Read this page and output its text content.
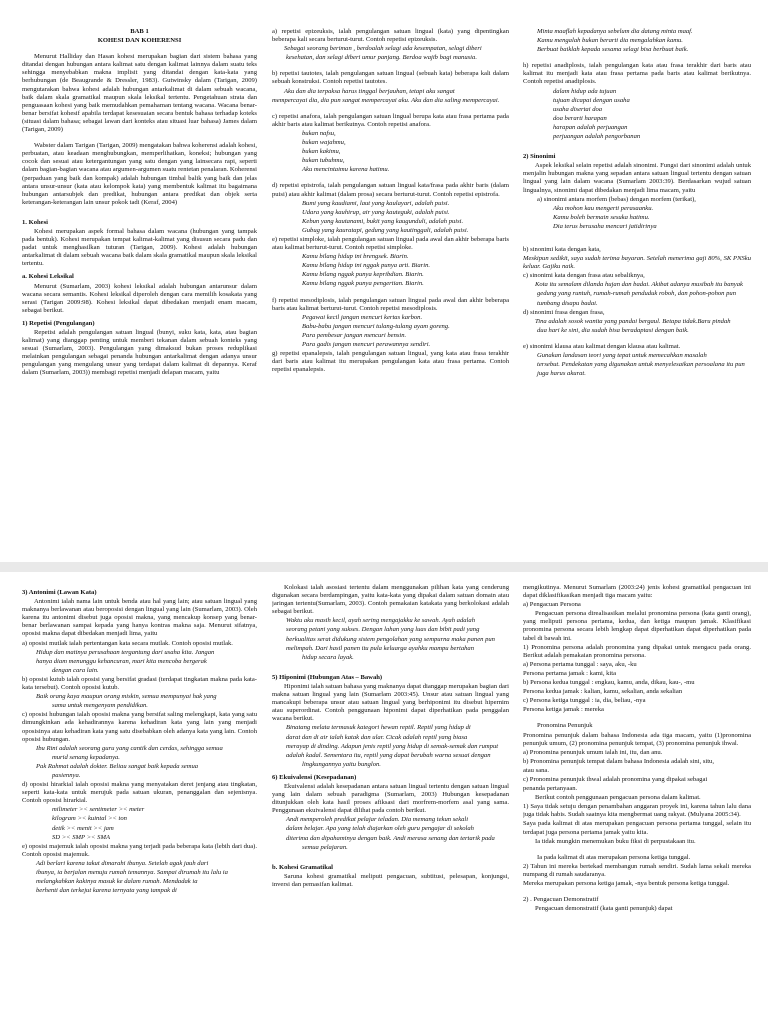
BAB 1

KOHESI DAN KOHERENSI

Menurut Halliday dan Hasan kohesi merupakan bagian dari sistem bahasa yang ditandai dengan hubungan antara kalimat satu dengan kalimat lainnya dalam suatu teks sehingga menyebabkan makna implisit yang ditandai dengan kata-kata yang berhubungan (de Beaugrande & Dressler, 1983). Gutwinsky dalam (Tarigan, 2009) mengutarakan bahwa kohesi adalah hubungan antarkalimat di dalam sebuah wacana, baik dalam skala gramatikal maupun skala leksikal tertentu. Pengetahuan strata dan penguasaan kohesi yang baik memudahkan pemahaman tentang wacana. Wacana benar-benar bersifat kohesif apabila terdapat kesesuaian secara bentuk bahasa terhadap koteks (situasi dalam bahasa; sebagai lawan dari konteks atau situasi luar bahasa) James dalam (Tarigan, 2009)

Wabster dalam Tarigan (Tarigan, 2009) mengatakan bahwa koherensi adalah kohesi, perbuatan, atau keadaan menghubungkan, memperlihatkan, koneksi; hubungan yang cocok dan sesuai atau ketergantungan yang satu dengan yang lainsecara rapi, seperti dalam bagian-bagian wacana atau argumen-argumen suatu rentetan penalaran. Koherensi (perpaduan yang baik dan kompak) adalah hubungan timbal balik yang baik dan jelas antara unsur-unsur (kata atau kelompok kata) yang membentuk kalimat itu bagaimana hubungan antarsubjek dan predikat, hubungan antara predikat dan objek serta keterangan-keterangan lain unsur pokok tadi (Keraf, 2004)

1. Kohesi

Kohesi merupakan aspek formal bahasa dalam wacana (hubungan yang tampak pada bentuk). Kohesi merupakan tempat kalimat-kalimat yang disusun secara padu dan padat untuk menghasilkan tuturan (Tarigan, 2009). Kohesi adalah hubungan antarkalimat di dalam sebuah wacana baik dalam skala gramatikal maupun skala leksikal tertentu.

a. Kohesi Leksikal

Menurut (Sumarlam, 2003) kohesi leksikal adalah hubungan antarunsur dalam wacana secara semantis. Kohesi leksikal diperoleh dengan cara memilih kosakata yang serasi (Tarigan 2009:98). Kohesi leksikal dapat dibedakan menjadi enam macam, sebagai berikut.

1) Repetisi (Pengulangan)

Repetisi adalah pengulangan satuan lingual (bunyi, suku kata, kata, atau bagian kalimat) yang dianggap penting untuk memberi tekanan dalam sebuah konteks yang sesuai (Sumarlam, 2003). Pengulangan yang dimaksud bukan proses reduplikasi melainkan pengulangan sebagai penanda hubungan antarkalimat dengan adanya unsur pengulangan yang mengulang unsur yang terdapat dalam kalimat di depannya. Keraf dalam (Sumarlam, 2003)) membagi repetisi menjadi delapan macam, yaitu

a) repetisi epizeuksis, ialah pengulangan satuan lingual (kata) yang dipentingkan beberapa kali secara berturut-turut. Contoh repetisi epizeuksis.

Sebagai seorang beriman , berdoalah selagi ada kesempatan, selagi diberi

kesehatan, dan selagi diberi umur panjang. Berdoa wajib bagi manusia.

b) repetisi tautotes, ialah pengulangan satuan lingual (sebuah kata) beberapa kali dalam sebuah konstruksi. Contoh repetisi tautotes.

Aku dan dia terpaksa harus tinggal berjauhan, tetapi aku sangat

mempercayai dia, dia pun sangat mempercayai aku. Aku dan dia saling mempercayai.

c) repetisi anafora, ialah pengulangan satuan lingual berupa kata atau frasa pertama pada akhir baris atau kalimat berikutnya. Contoh repetisi anafora.

bukan nafsu,

bukan wajahmu,

bukan kakimu,

bukan tubuhmu,

Aku mencintaimu karena hatimu.

d) repetisi epistrofa, ialah pengulangan satuan lingual kata/frasa pada akhir baris (dalam puisi) atau akhir kalimat (dalam prosa) secara berturut-turut. Contoh repetisi epistrofa.

Bumi yang kaudiami, laut yang kaulayari, adalah puisi.

Udara yang kauhirup, air yang kauteguki, adalah puisi.

Kebun yang kautanami, bukit yang kaugunduli, adalah puisi.

Gubug yang kauratapi, gedung yang kautinggali, adalah puisi.

e) repetisi simploke, ialah pengulangan satuan lingual pada awal dan akhir beberapa baris atau kalimat berturut-turut. Contoh repetisi simploke.

Kamu bilang hidup ini brengsek. Biarin.

Kamu bilang hidup ini nggak punya arti. Biarin.

Kamu bilang nggak punya kepribdian. Biarin.

Kamu bilang nggak punya pengertian. Biarin.

f) repetisi mesodiplosis, ialah pengulangan satuan lingual pada awal dan akhir beberapa baris atau kalimat berturut-turut. Contoh repetisi mesodiplosis.

Pegawai kecil jangan mencuri kertas karbon.

Babu-babu jangan mencuri tulang-tulang ayam goreng.

Para pembesar jangan mencuri bensin.

Para gadis jangan mencuri perawannya sendiri.

g) repetisi epanalepsis, ialah pengulangan satuan lingual, yang kata atau frasa terakhir dari baris atau kalimat itu merupakan pengulangan kata atau frasa pertama. Contoh repetisi epanalepsis.

Minta maaflah kepadanya sebelum dia datang minta maaf.

Kamu mengalah bukan berarti dia mengalahkan kamu.

Berbuat baiklah kepada sesama selagi bisa berbuat baik.

h) repetisi anadiplosis, ialah pengulangan kata atau frasa terakhir dari baris atau kalimat itu menjadi kata atau frasa pertama pada baris atau kalimat berikutnya. Contoh repetisi anadiplosis.

dalam hidup ada tujuan

tujuan dicapai dengan usaha

usaha disertai doa

doa berarti harapan

harapan adalah perjuangan

perjuangan adalah pengorbanan

2) Sinonimi

Aspek leksikal selain repetisi adalah sinonimi. Fungsi dari sinonimi adalah untuk menjalin hubungan makna yang sepadan antara satuan lingual tertentu dengan satuan lingual yang lain dalam wacana (Sumarlam 2003:39). Berdasarkan wujud satuan lingualnya, sinonimi dapat dibedakan menjadi lima macam, yaitu

a) sinonimi antara morfem (bebas) dengan morfem (terikat),

Aku mohon kau mengerti perasaanku.

Kamu boleh bermain sesuka hatimu.

Dia terus berusaha mencari jatidirinya

b) sinonimi kata dengan kata,

Meskipun sedikit, saya sudah terima bayaran. Setelah menerima gaji 80%, SK PNSku keluar. Gajiku naik.

c) sinonimi kata dengan frasa atau sebaliknya,

Kota itu semalam dilanda hujan dan badai. Akibat adanya musibah itu banyak

gedung yang runtuh, rumah-rumah penduduk roboh, dan pohon-pohon pun

tumbang disapu badai.

d) sinonimi frasa dengan frasa,

Tina adalah sosok wanita yang pandai bergaul. Betapa tidak.Baru pindah

dua hari ke sini, dia sudah bisa beradaptasi dengan baik.

e) sinonimi klausa atau kalimat dengan klausa atau kalimat.

Gunakan landasan teori yang tepat untuk memecahkan masalah

tersebut. Pendekatan yang digunakan untuk menyelesaikan persoalana itu pun

juga harus akurat.

3) Antonimi (Lawan Kata)

Antonimi ialah nama lain untuk benda atau hal yang lain; atau satuan lingual yang maknanya berlawanan atau beroposisi dengan lingual yang lain (Sumarlam, 2003). Oleh karena itu antonimi disebut juga oposisi makna, yang mencakup konsep yang benar-benar berlawanan sampai kepada yang hanya kontras makna saja. Menurut sifatnya, oposisi makna dapat dibedakan menjadi lima, yaitu

a) oposisi mutlak ialah pertentangan kata secara mutlak. Contoh oposisi mutlak.

Hidup dan matinya perusahaan tergantung dari usaha kita. Jangan

hanya diam menunggu kehancuran, mari kita mencoba bergerak

dengan cara lain.

b) oposisi kutub ialah oposisi yang bersifat gradasi (terdapat tingkatan makna pada kata-kata tersebut). Contoh oposisi kutub.

Baik orang kaya maupun orang miskin, semua mempunyai hak yang

sama untuk mengenyam pendidikan.

c) oposisi hubungan ialah oposisi makna yang bersifat saling melengkapi, kata yang satu dimungkinkan ada kehadirannya karena kehadiran kata yang lain yang menjadi oposisinya atau kehadiran kata yang satu disebabkan oleh adanya kata yang lain. Contoh oposisi hubungan.

Ibu Rini adalah seorang guru yang cantik dan cerdas, sehingga semua

murid senang kepadanya.

Pak Rahmat adalah dokter. Beliau sangat baik kepada semua

pasiennya.

d) oposisi hirarkial ialah oposisi makna yang menyatakan deret jenjang atau tingkatan, seperti kata-kata untuk merujuk pada satuan ukuran, penanggalan dan sejenisnya. Contoh oposisi hirarkial.

milimeter >< sentimeter >< meter

kilogram >< kuintal >< ton

detik >< menit >< jam

SD >< SMP >< SMA

e) oposisi majemuk ialah oposisi makna yang terjadi pada beberapa kata (lebih dari dua). Contoh oposisi majemuk.

Adi berlari karena takut dimarahi ibunya. Setelah agak jauh dari

ibunya, ia berjalan menuju rumah temannya. Sampai dirumah itu lalu ia

melangkahkan kakinya masuk ke dalam rumah. Mendadak ia

berhenti dan terkejut karena ternyata yang tampak di

Kolokasi ialah asosiasi tertentu dalam menggunakan pilihan kata yang cenderung digunakan secara berdampingan, yaitu kata-kata yang dipakai dalam satuan domain atau jaringan tertentu(Sumarlam, 2003). Contoh pemakaian katakata yang berkolokasi adalah sebagai berikut.

Waktu aku masih kecil, ayah sering mengajakku ke sawah. Ayah adalah

seorang petani yang sukses. Dengan lahan yang luas dan bibit padi yang

berkualitas serat didukung sistem pengolahan yang sempurna maka panen pun

melimpah. Dari hasil panen itu pula keluarga ayahku mampu bertahan

hidup secara layak.

5) Hiponimi (Hubungan Atas – Bawah)

Hiponimi ialah satuan bahasa yang maknanya dapat dianggap merupakan bagian dari makna satuan lingual yang lain (Sumarlam 2003:45). Unsur atau satuan lingual yang mancakupi beberapa unsur atau satuan lingual yang berhiponimi itu disebut hipernim atau superordinat. Contoh penggunaan hiponimi dapat diperhatikan pada penggalan wacana berikut.

Binatang melata termasuk kategori hewan reptil. Reptil yang hidup di

darat dan di air ialah katak dan ular. Cicak adalah reptil yang biasa

merayap di dinding. Adapun jenis reptil yang hidup di semak-semak dan rumput

adalah kadal. Sementara itu, reptil yang dapat berubah warna sesuai dengan

lingkungannya yaitu bunglon.

6) Ekuivalensi (Kesepadanan)

Ekuivalensi adalah kesepadanan antara satuan lingual tertentu dengan satuan lingual yang lain dalam sebuah paradigma (Sumarlam, 2003) Hubungan kesepadanan ditunjukkan oleh kata hasil proses afiksasi dari morfrem-morfem asal yang sama. Penggunaan ekuivalensi dapat dilihat pada contoh berikut.

Andi memperoleh predikat pelajar teladan. Dia memang tekun sekali

dalam belajar. Apa yang telah diajarkan oleh guru pengajar di sekolah

diterima dan dipahaminya dengan baik. Andi merasa senang dan tertarik pada

semua pelajaran.

b. Kohesi Gramatikal

Saruna kohesi gramatikal meliputi pengacuan, subtitusi, pelesapan, konjungsi, inversi dan pemasifan kalimat.

mengikutinya. Menurut Sumarlam (2003:24) jenis kohesi gramatikal pengacuan ini dapat diklasifikasikan menjadi tiga macam yaitu:

a) Pengacuan Persona

Pengacuan persona direalisasikan melalui pronomina persona (kata ganti orang), yang meliputi persona pertama, kedua, dan ketiga maupun jamak. Klasifikasi pronomina persona secara lebih lengkap dapat diperhatikan dapat diperhatikan pada tabel di bawah ini.

1) Pronomina persona adalah pronomina yang dipakai untuk mengacu pada orang. Berikut adalah pemakaian pronomina persona.

a) Persona pertama tunggal : saya, aku, -ku

Persona pertama jamak : kami, kita

b) Persona kedua tunggal : engkau, kamu, anda, dikau, kau-, -mu

Persona kedua jamak : kalian, kamu, sekalian, anda sekalian

c) Persona ketiga tunggal : ia, dia, beliau, -nya

Persona ketiga jamak : mereka

Pronomina Penunjuk

Pronomina penunjuk dalam bahasa Indonesia ada tiga macam, yaitu (1)pronomina penunjuk umum, (2) pronomina penunjuk tempat, (3) pronomina penunjuk ihwal.

a) Pronomina penunjuk umum ialah ini, itu, dan anu.

b) Pronomina penunjuk tempat dalam bahasa Indonesia adalah sini, situ,

atau sana.

c) Pronomina penunjuk ihwal adalah pronomina yang dipakai sebagai

penanda pertanyaan.

Berikut contoh penggunaan pengacuan persona dalam kalimat.

1) Saya tidak setuju dengan penambahan anggaran proyek ini, karena tahun lalu dana juga tidak habis. Sudah saatnya kita mengbermat uang rakyat. (Mulyana 2005:34).

Saya pada kalimat di atas merupakan pengacuan persona pertama tunggal, selain itu terdapat juga persona pertama jamak yaitu kita.

Ia tidak mungkin menemukan buku fiksi di perpustakaan itu.

Ia pada kalimat di atas merupakan persona ketiga tunggal.

2) Tahun ini mereka bertekad membangun rumah sendiri. Sudah lama sekali mereka numpang di rumah saudaranya.

Mereka merupakan persona ketiga jamak, -nya bentuk persona ketiga tunggal.

2) . Pengacuan Demonstratif

Pengacuan demonstratif (kata ganti penunjuk) dapat
